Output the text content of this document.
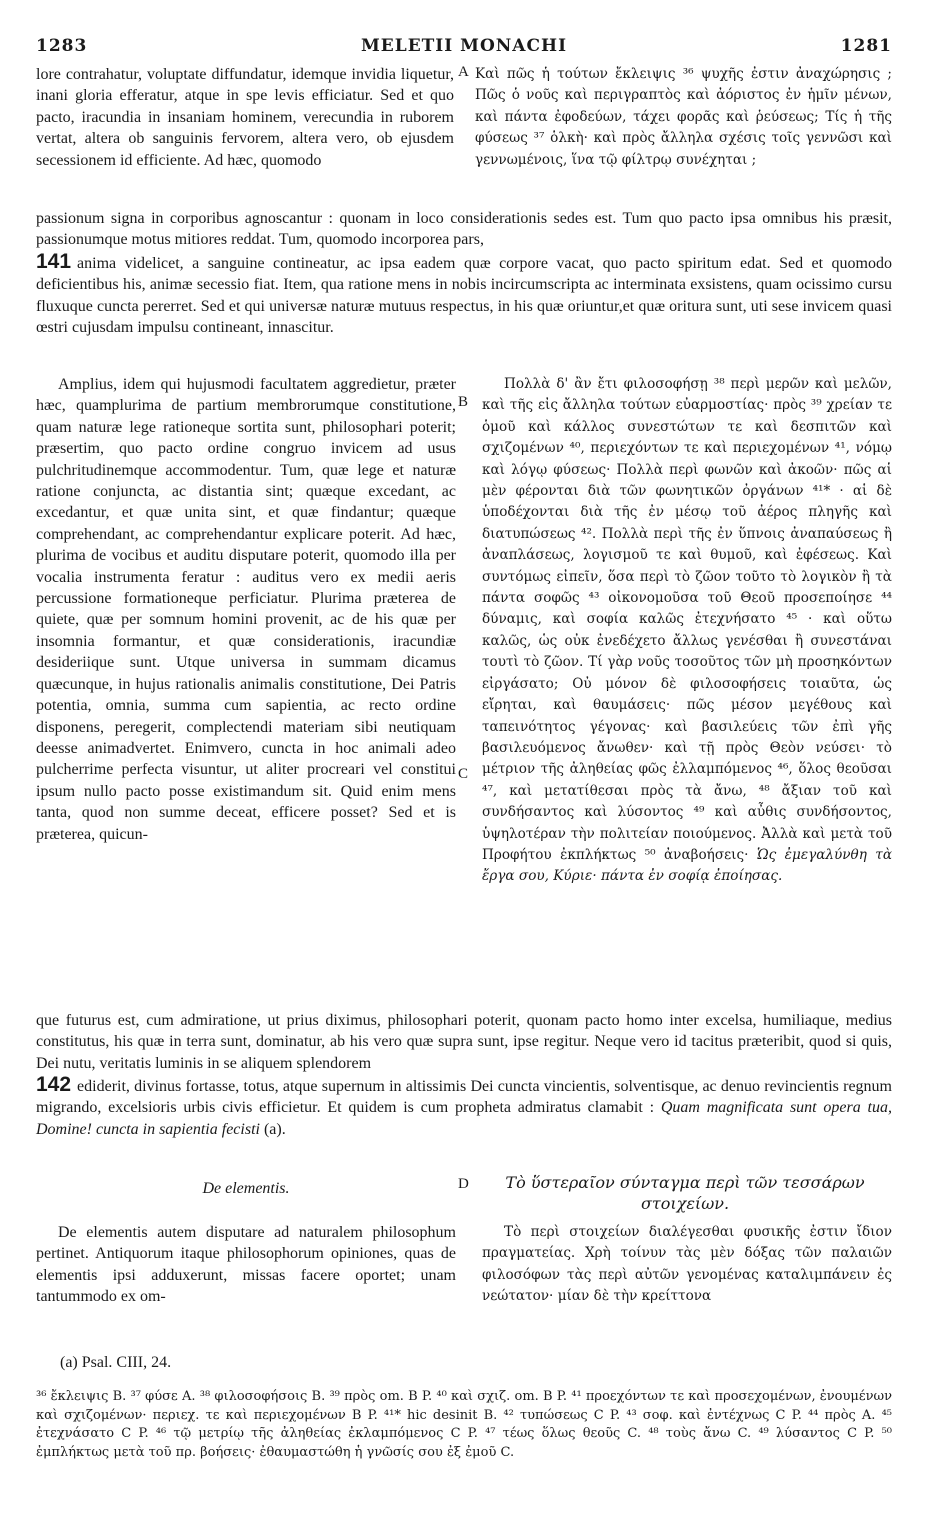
1283	MELETII MONACHI	1281

lore contrahatur, voluptate diffundatur, idemque invidia liquetur, inani gloria efferatur, atque in spe levis efficiatur. Sed et quo pacto, iracundia in insaniam hominem, verecundia in ruborem vertat, altera ob sanguinis fervorem, altera vero, ob ejusdem secessionem id efficiente. Ad hæc, quomodo

A Καὶ πῶς ἡ τούτων ἔκλειψις ³⁶ ψυχῆς ἐστιν ἀναχώρησις ; Πῶς ὁ νοῦς καὶ περιγραπτὸς καὶ ἀόριστος ἐν ἡμῖν μένων, καὶ πάντα ἐφοδεύων, τάχει φορᾶς καὶ ῥεύσεως; Τίς ἡ τῆς φύσεως ³⁷ ὁλκὴ· καὶ πρὸς ἄλληλα σχέσις τοῖς γεννῶσι καὶ γεννωμένοις, ἵνα τῷ φίλτρῳ συνέχηται ;

passionum signa in corporibus agnoscantur : quonam in loco considerationis sedes est. Tum quo pacto ipsa omnibus his præsit, passionumque motus mitiores reddat. Tum, quomodo incorporea pars,

141 anima videlicet, a sanguine contineatur, ac ipsa eadem quæ corpore vacat, quo pacto spiritum edat. Sed et quomodo deficientibus his, animæ secessio fiat. Item, qua ratione mens in nobis incircumscripta ac interminata exsistens, quam ocissimo cursu fluxuque cuncta pererret. Sed et qui universæ naturæ mutuus respectus, in his quæ oriuntur,et quæ oritura sunt, uti sese invicem quasi œstri cujusdam impulsu contineant, innascitur.

Amplius, idem qui hujusmodi facultatem aggredietur, præter hæc, quamplurima de partium membrorumque constitutione, quam naturæ lege rationeque sortita sunt, philosophari poterit; præsertim, quo pacto ordine congruo invicem ad usus pulchritudinemque accommodentur. Tum, quæ lege et naturæ ratione conjuncta, ac distantia sint; quæque excedant, ac excedantur, et quæ unita sint, et quæ findantur; quæque comprehendant, ac comprehendantur explicare poterit. Ad hæc, plurima de vocibus et auditu disputare poterit, quomodo illa per vocalia instrumenta feratur : auditus vero ex medii aeris percussione formationeque perficiatur. Plurima præterea de quiete, quæ per somnum homini provenit, ac de his quæ per insomnia formantur, et quæ considerationis, iracundiæ desideriique sunt. Utque universa in summam dicamus quæcunque, in hujus rationalis animalis constitutione, Dei Patris potentia, omnia, summa cum sapientia, ac recto ordine disponens, peregerit, complectendi materiam sibi neutiquam deesse animadvertet. Enimvero, cuncta in hoc animali adeo pulcherrime perfecta visuntur, ut aliter procreari vel constitui ipsum nullo pacto posse existimandum sit. Quid enim mens tanta, quod non summe deceat, efficere posset? Sed et is præterea, quicun-

B
C
Πολλὰ δ' ἂν ἔτι φιλοσοφήσῃ ³⁸ περὶ μερῶν καὶ μελῶν, καὶ τῆς εἰς ἄλληλα τούτων εὐαρμοστίας· πρὸς ³⁹ χρείαν τε ὁμοῦ καὶ κάλλος συνεστώτων τε καὶ δεσπιτῶν καὶ σχιζομένων ⁴⁰, περιεχόντων τε καὶ περιεχομένων ⁴¹, νόμῳ καὶ λόγῳ φύσεως· Πολλὰ περὶ φωνῶν καὶ ἀκοῶν· πῶς αἱ μὲν φέρονται διὰ τῶν φωνητικῶν ὀργάνων ⁴¹* · αἱ δὲ ὑποδέχονται διὰ τῆς ἐν μέσῳ τοῦ ἀέρος πληγῆς καὶ διατυπώσεως ⁴². Πολλὰ περὶ τῆς ἐν ὕπνοις ἀναπαύσεως ἢ ἀναπλάσεως, λογισμοῦ τε καὶ θυμοῦ, καὶ ἐφέσεως. Καὶ συντόμως εἰπεῖν, ὅσα περὶ τὸ ζῶον τοῦτο τὸ λογικὸν ἢ τὰ πάντα σοφῶς ⁴³ οἰκονομοῦσα τοῦ Θεοῦ προσεποίησε ⁴⁴ δύναμις, καὶ σοφία καλῶς ἐτεχνήσατο ⁴⁵ · καὶ οὕτω καλῶς, ὡς οὐκ ἐνεδέχετο ἄλλως γενέσθαι ἢ συνεστάναι τουτὶ τὸ ζῶον. Τί γὰρ νοῦς τοσοῦτος τῶν μὴ προσηκόντων εἰργάσατο; Οὐ μόνον δὲ φιλοσοφήσεις τοιαῦτα, ὡς εἴρηται, καὶ θαυμάσεις· πῶς μέσον μεγέθους καὶ ταπεινότητος γέγονας· καὶ βασιλεύεις τῶν ἐπὶ γῆς βασιλευόμενος ἄνωθεν· καὶ τῇ πρὸς Θεὸν νεύσει· τὸ μέτριον τῆς ἀληθείας φῶς ἐλλαμπόμενος ⁴⁶, ὅλος θεοῦσαι ⁴⁷, καὶ μετατίθεσαι πρὸς τὰ ἄνω, ⁴⁸ ἄξιαν τοῦ καὶ συνδήσαντος καὶ λύσοντος ⁴⁹ καὶ αὖθις συνδήσοντος, ὑψηλοτέραν τὴν πολιτείαν ποιούμενος. Ἀλλὰ καὶ μετὰ τοῦ Προφήτου ἐκπλήκτως ⁵⁰ ἀναβοήσεις· Ὡς ἐμεγαλύνθη τὰ ἔργα σου, Κύριε· πάντα ἐν σοφίᾳ ἐποίησας.

que futurus est, cum admiratione, ut prius diximus, philosophari poterit, quonam pacto homo inter excelsa, humiliaque, medius constitutus, his quæ in terra sunt, dominatur, ab his vero quæ supra sunt, ipse regitur. Neque vero id tacitus præteribit, quod si quis, Dei nutu, veritatis luminis in se aliquem splendorem

142 ediderit, divinus fortasse, totus, atque supernum in altissimis Dei cuncta vincientis, solventisque, ac denuo revincientis regnum migrando, excelsioris urbis civis efficietur. Et quidem is cum propheta admiratus clamabit : Quam magnificata sunt opera tua, Domine! cuncta in sapientia fecisti (a).

De elementis.	D	Τὸ ὕστεραῖον σύνταγμα περὶ τῶν τεσσάρων στοιχείων.

De elementis autem disputare ad naturalem philosophum pertinet. Antiquorum itaque philosophorum opiniones, quas de elementis ipsi adduxerunt, missas facere oportet; unam tantummodo ex om-

Τὸ περὶ στοιχείων διαλέγεσθαι φυσικῆς ἐστιν ἴδιον πραγματείας. Χρὴ τοίνυν τὰς μὲν δόξας τῶν παλαιῶν φιλοσόφων τὰς περὶ αὐτῶν γενομένας καταλιμπάνειν ἐς νεώτατον· μίαν δὲ τὴν κρείττονα

(a) Psal. CIII, 24.
³⁶ ἔκλειψις B. ³⁷ φύσε A. ³⁸ φιλοσοφήσοις B. ³⁹ πρὸς om. B P. ⁴⁰ καὶ σχιζ. om. B P. ⁴¹ προεχόντων τε καὶ προσεχομένων, ἐνουμένων καὶ σχιζομένων· περιεχ. τε καὶ περιεχομένων B P. ⁴¹* hic desinit B. ⁴² τυπώσεως C P. ⁴³ σοφ. καὶ ἐντέχνως C P. ⁴⁴ πρὸς A. ⁴⁵ ἐτεχνάσατο C P. ⁴⁶ τῷ μετρίῳ τῆς ἀληθείας ἐκλαμπόμενος C P. ⁴⁷ τέως ὅλως θεοῦς C. ⁴⁸ τοὺς ἄνω C. ⁴⁹ λύσαντος C P. ⁵⁰ ἐμπλήκτως μετὰ τοῦ πρ. βοήσεις· ἐθαυμαστώθη ἡ γνῶσίς σου ἐξ ἐμοῦ C.
